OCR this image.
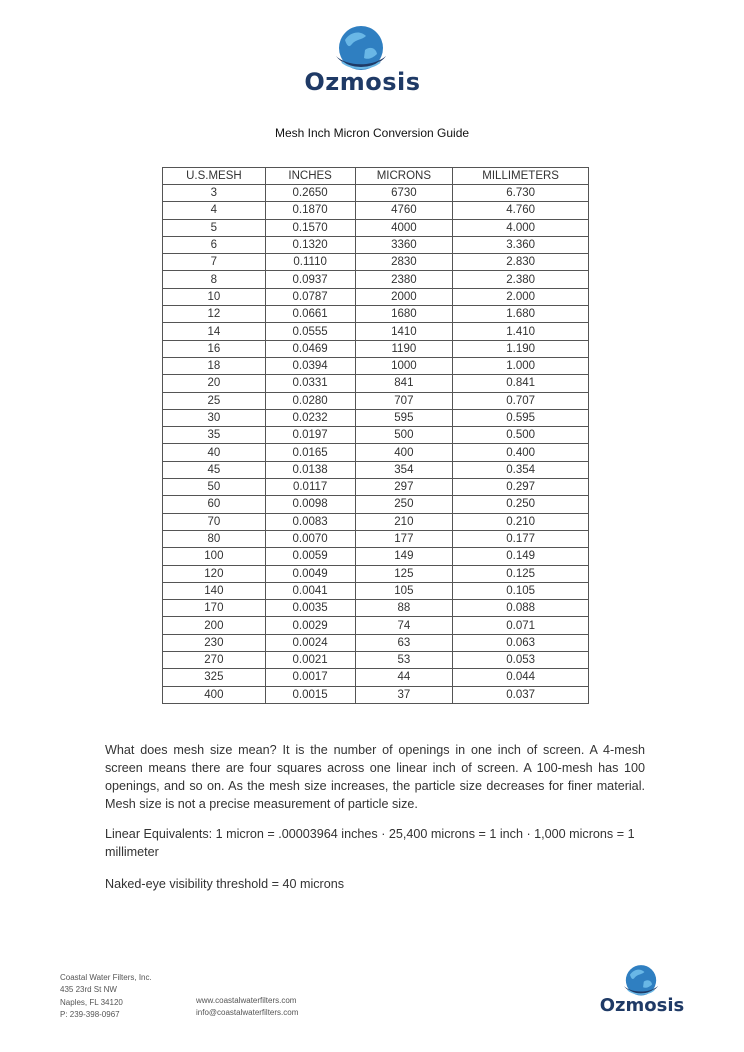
Ozmosis
Mesh Inch Micron Conversion Guide
U.S.MESH	INCHES	MICRONS	MILLIMETERS
3	0.2650	6730	6.730
4	0.1870	4760	4.760
5	0.1570	4000	4.000
6	0.1320	3360	3.360
7	0.1110	2830	2.830
8	0.0937	2380	2.380
10	0.0787	2000	2.000
12	0.0661	1680	1.680
14	0.0555	1410	1.410
16	0.0469	1190	1.190
18	0.0394	1000	1.000
20	0.0331	841	0.841
25	0.0280	707	0.707
30	0.0232	595	0.595
35	0.0197	500	0.500
40	0.0165	400	0.400
45	0.0138	354	0.354
50	0.0117	297	0.297
60	0.0098	250	0.250
70	0.0083	210	0.210
80	0.0070	177	0.177
100	0.0059	149	0.149
120	0.0049	125	0.125
140	0.0041	105	0.105
170	0.0035	88	0.088
200	0.0029	74	0.071
230	0.0024	63	0.063
270	0.0021	53	0.053
325	0.0017	44	0.044
400	0.0015	37	0.037
What does mesh size mean? It is the number of openings in one inch of screen. A 4-mesh screen means there are four squares across one linear inch of screen. A 100-mesh has 100 openings, and so on. As the mesh size increases, the particle size decreases for finer material. Mesh size is not a precise measurement of particle size.
Linear Equivalents: 1 micron = .00003964 inches · 25,400 microns = 1 inch · 1,000 microns = 1 millimeter
Naked-eye visibility threshold = 40 microns
Coastal Water Filters, Inc.
435 23rd St NW
Naples, FL 34120
P: 239-398-0967
www.coastalwaterfilters.com
info@coastalwaterfilters.com	Ozmosis
